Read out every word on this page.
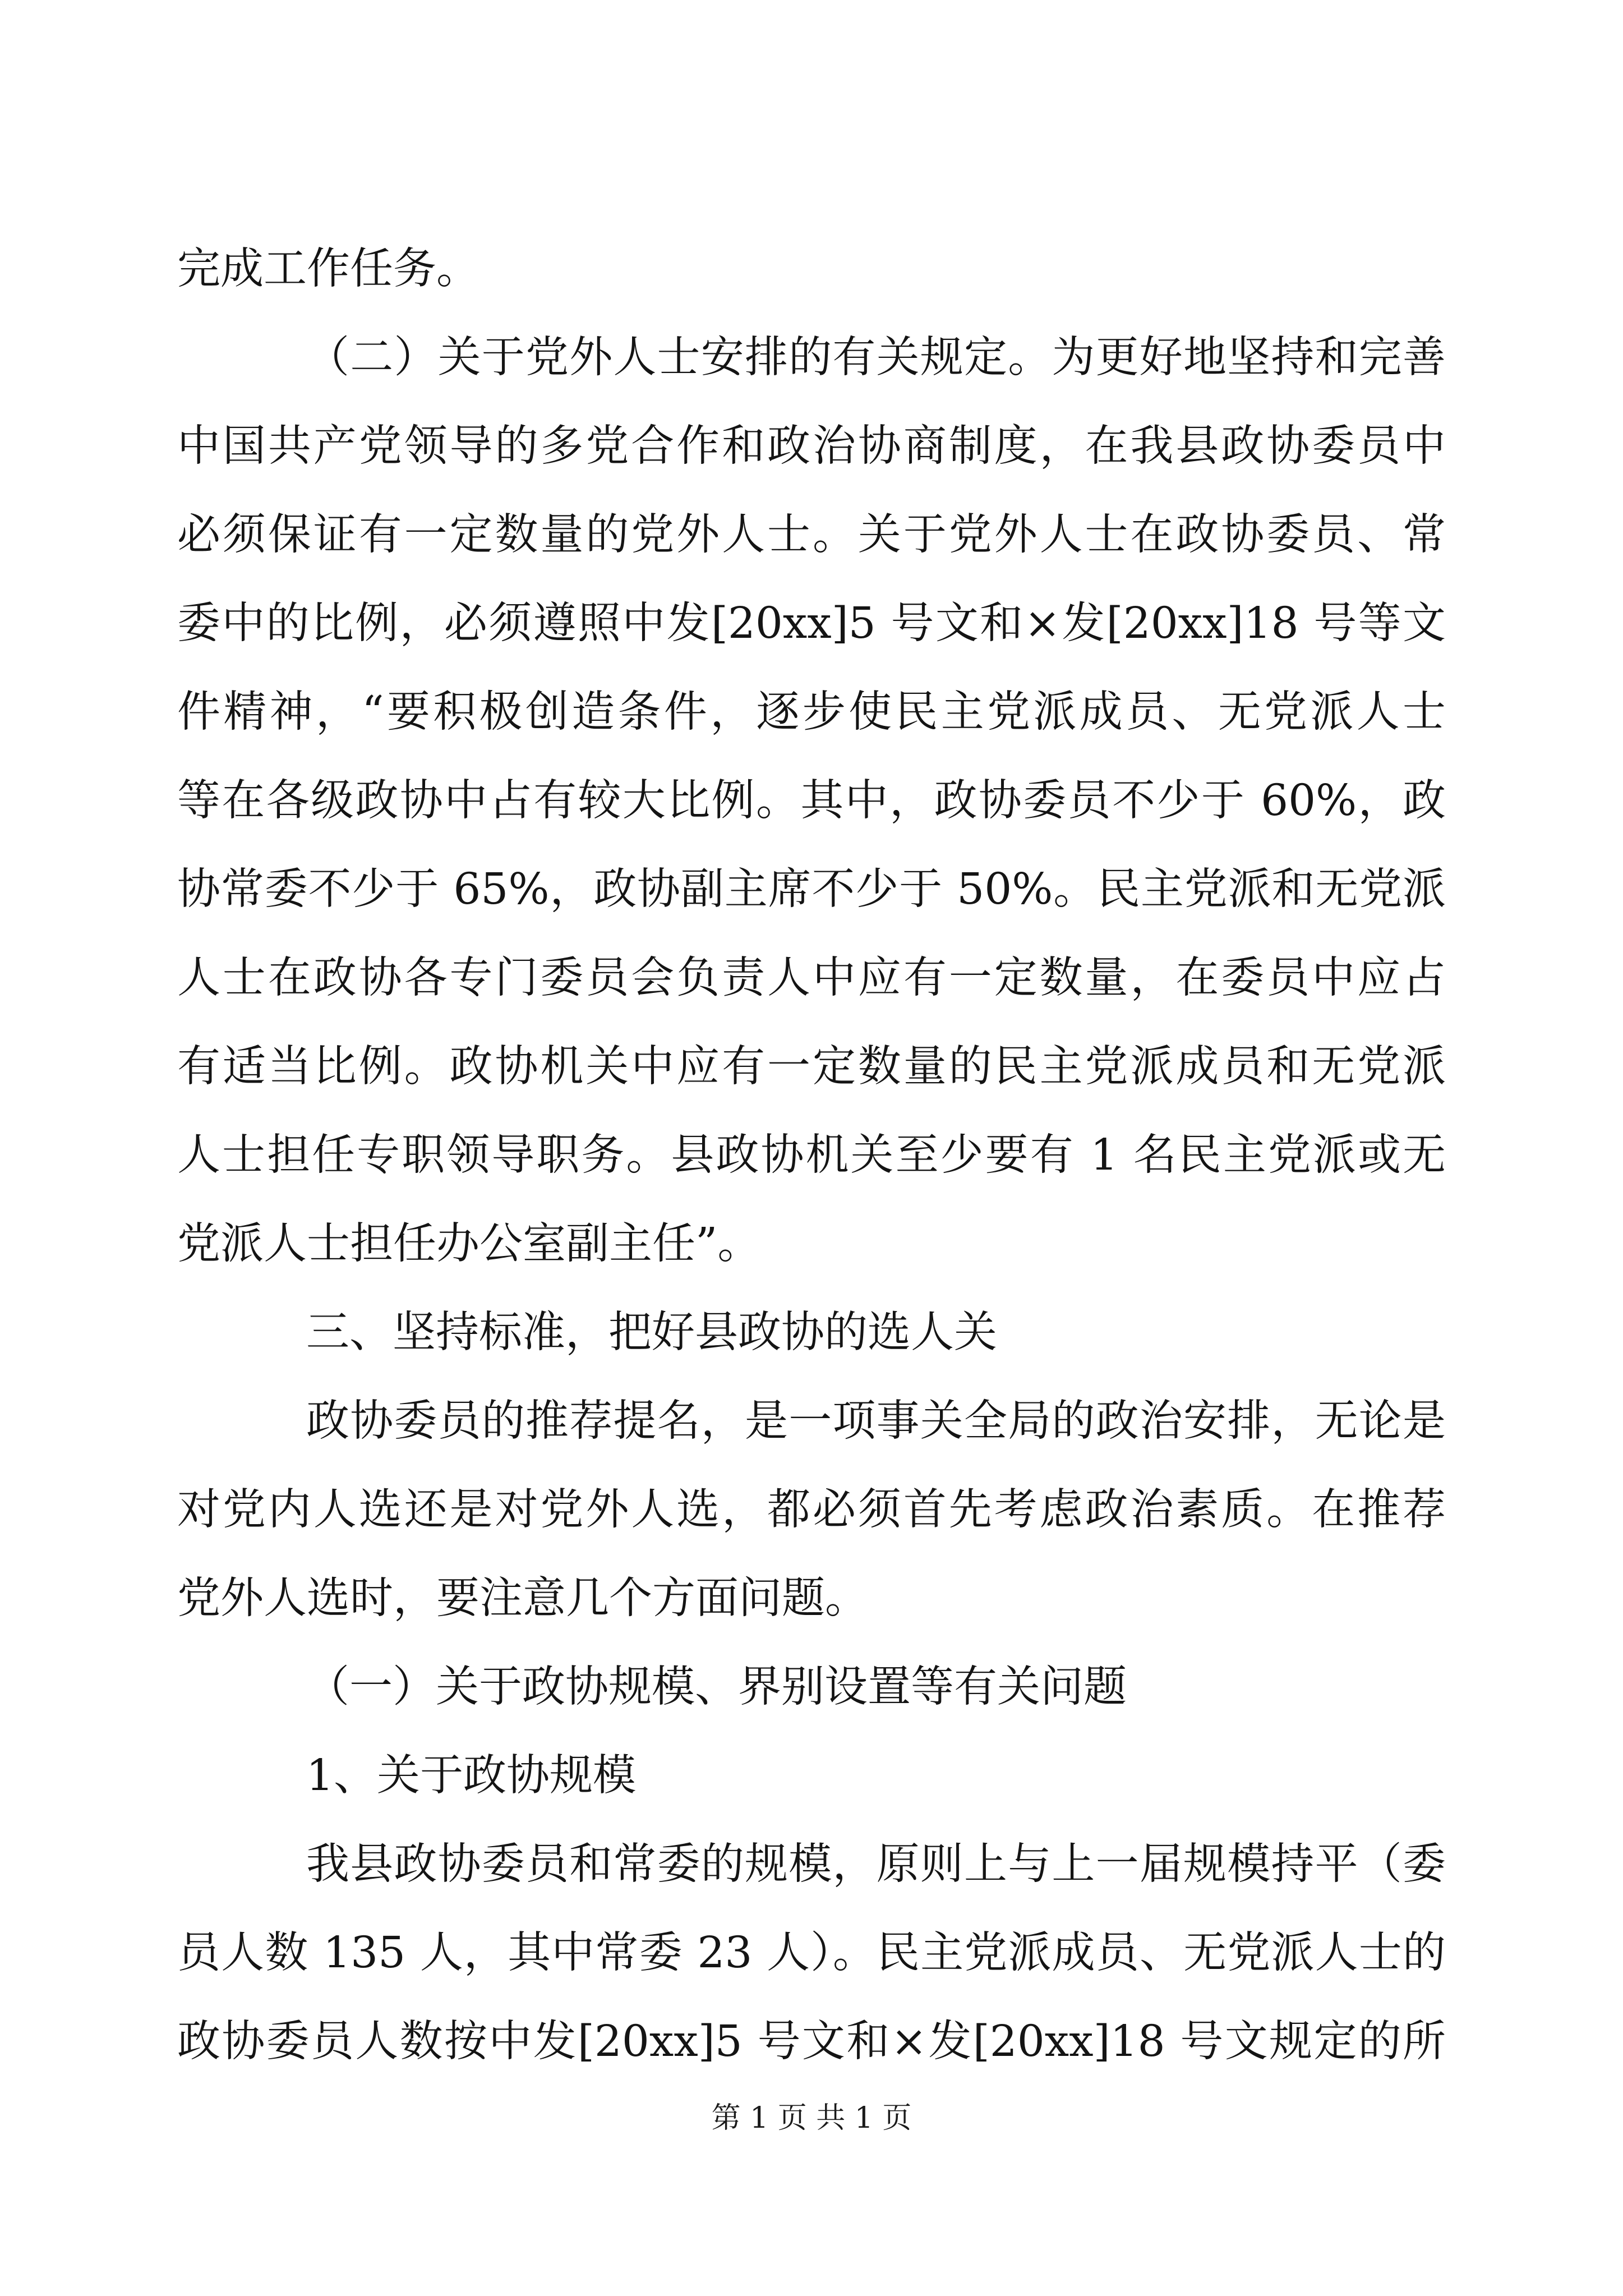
完成工作任务。
（二）关于党外人士安排的有关规定。为更好地坚持和完善
中国共产党领导的多党合作和政治协商制度，在我县政协委员中
必须保证有一定数量的党外人士。关于党外人士在政协委员、常
委中的比例，必须遵照中发[20xx]5 号文和×发[20xx]18 号等文
件精神，“要积极创造条件，逐步使民主党派成员、无党派人士
等在各级政协中占有较大比例。其中，政协委员不少于 60%，政
协常委不少于 65%，政协副主席不少于 50%。民主党派和无党派
人士在政协各专门委员会负责人中应有一定数量，在委员中应占
有适当比例。政协机关中应有一定数量的民主党派成员和无党派
人士担任专职领导职务。县政协机关至少要有 1 名民主党派或无
党派人士担任办公室副主任”。
三、坚持标准，把好县政协的选人关
政协委员的推荐提名，是一项事关全局的政治安排，无论是
对党内人选还是对党外人选，都必须首先考虑政治素质。在推荐
党外人选时，要注意几个方面问题。
（一）关于政协规模、界别设置等有关问题
1、关于政协规模
我县政协委员和常委的规模，原则上与上一届规模持平（委
员人数 135 人，其中常委 23 人）。民主党派成员、无党派人士的
政协委员人数按中发[20xx]5 号文和×发[20xx]18 号文规定的所
第 1 页 共 1 页
